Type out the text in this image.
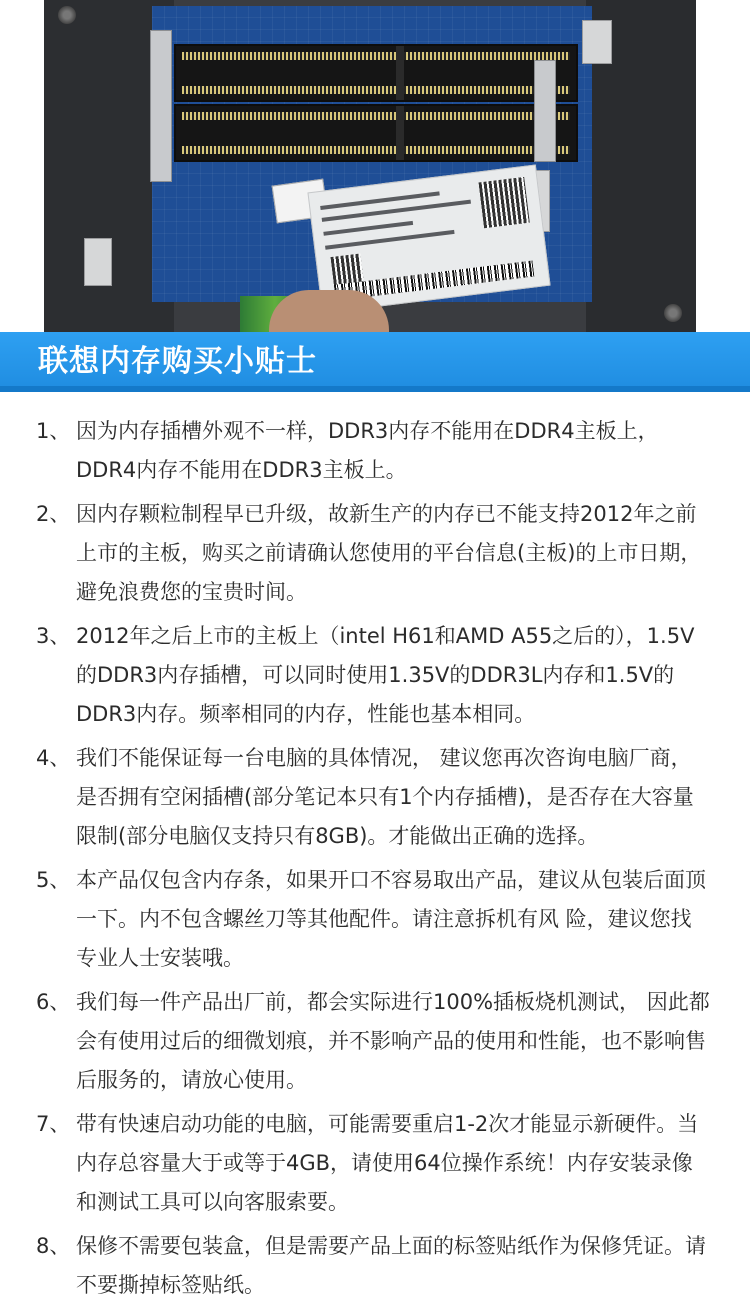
联想内存购买小贴士
1、 因为内存插槽外观不一样，DDR3内存不能用在DDR4主板上，DDR4内存不能用在DDR3主板上。
2、 因内存颗粒制程早已升级，故新生产的内存已不能支持2012年之前上市的主板，购买之前请确认您使用的平台信息(主板)的上市日期，避免浪费您的宝贵时间。
3、 2012年之后上市的主板上（intel H61和AMD A55之后的），1.5V的DDR3内存插槽，可以同时使用1.35V的DDR3L内存和1.5V的DDR3内存。频率相同的内存，性能也基本相同。
4、 我们不能保证每一台电脑的具体情况， 建议您再次咨询电脑厂商，是否拥有空闲插槽(部分笔记本只有1个内存插槽)，是否存在大容量限制(部分电脑仅支持只有8GB)。才能做出正确的选择。
5、 本产品仅包含内存条，如果开口不容易取出产品，建议从包装后面顶一下。内不包含螺丝刀等其他配件。请注意拆机有风 险，建议您找专业人士安装哦。
6、 我们每一件产品出厂前，都会实际进行100%插板烧机测试， 因此都会有使用过后的细微划痕，并不影响产品的使用和性能，也不影响售后服务的，请放心使用。
7、 带有快速启动功能的电脑，可能需要重启1-2次才能显示新硬件。当内存总容量大于或等于4GB，请使用64位操作系统！内存安装录像和测试工具可以向客服索要。
8、 保修不需要包装盒，但是需要产品上面的标签贴纸作为保修凭证。请不要撕掉标签贴纸。
